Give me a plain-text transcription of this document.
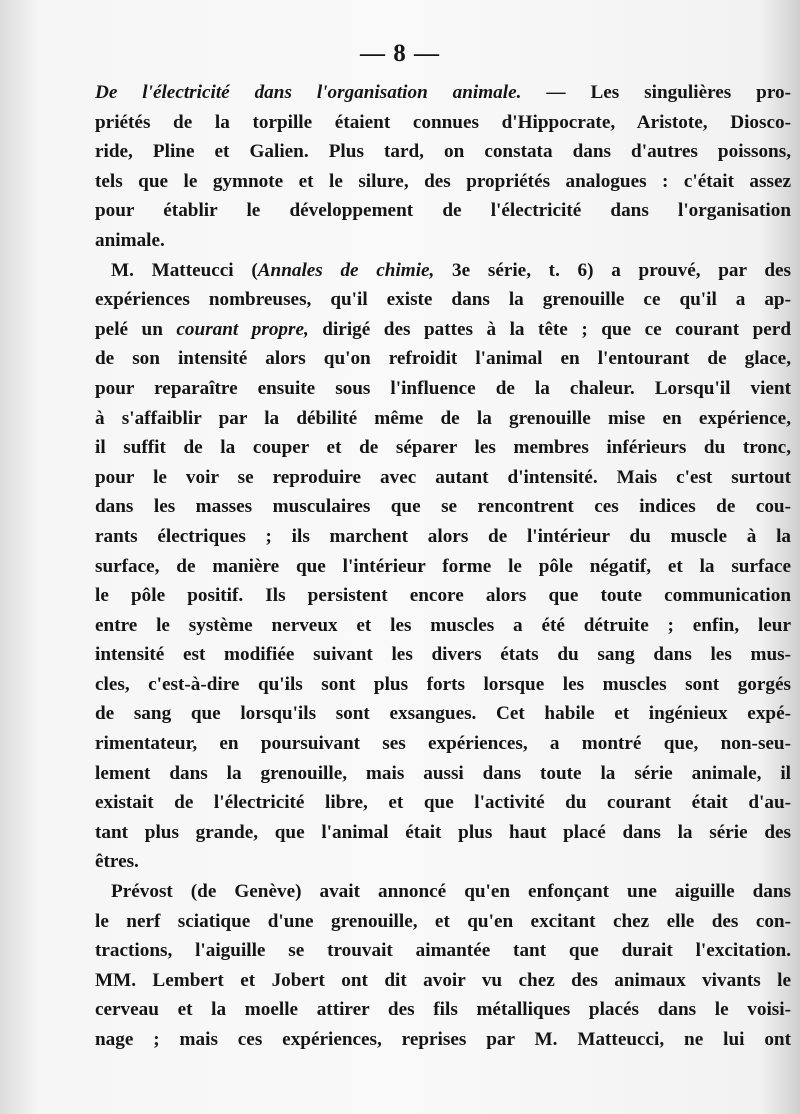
— 8 —
De l'électricité dans l'organisation animale. — Les singulières pro-
priétés de la torpille étaient connues d'Hippocrate, Aristote, Diosco-
ride, Pline et Galien. Plus tard, on constata dans d'autres poissons,
tels que le gymnote et le silure, des propriétés analogues : c'était assez
pour établir le développement de l'électricité dans l'organisation
animale.
M. Matteucci (Annales de chimie, 3e série, t. 6) a prouvé, par des
expériences nombreuses, qu'il existe dans la grenouille ce qu'il a ap-
pelé un courant propre, dirigé des pattes à la tête ; que ce courant perd
de son intensité alors qu'on refroidit l'animal en l'entourant de glace,
pour reparaître ensuite sous l'influence de la chaleur. Lorsqu'il vient
à s'affaiblir par la débilité même de la grenouille mise en expérience,
il suffit de la couper et de séparer les membres inférieurs du tronc,
pour le voir se reproduire avec autant d'intensité. Mais c'est surtout
dans les masses musculaires que se rencontrent ces indices de cou-
rants électriques ; ils marchent alors de l'intérieur du muscle à la
surface, de manière que l'intérieur forme le pôle négatif, et la surface
le pôle positif. Ils persistent encore alors que toute communication
entre le système nerveux et les muscles a été détruite ; enfin, leur
intensité est modifiée suivant les divers états du sang dans les mus-
cles, c'est-à-dire qu'ils sont plus forts lorsque les muscles sont gorgés
de sang que lorsqu'ils sont exsangues. Cet habile et ingénieux expé-
rimentateur, en poursuivant ses expériences, a montré que, non-seu-
lement dans la grenouille, mais aussi dans toute la série animale, il
existait de l'électricité libre, et que l'activité du courant était d'au-
tant plus grande, que l'animal était plus haut placé dans la série des
êtres.
Prévost (de Genève) avait annoncé qu'en enfonçant une aiguille dans
le nerf sciatique d'une grenouille, et qu'en excitant chez elle des con-
tractions, l'aiguille se trouvait aimantée tant que durait l'excitation.
MM. Lembert et Jobert ont dit avoir vu chez des animaux vivants le
cerveau et la moelle attirer des fils métalliques placés dans le voisi-
nage ; mais ces expériences, reprises par M. Matteucci, ne lui ont
